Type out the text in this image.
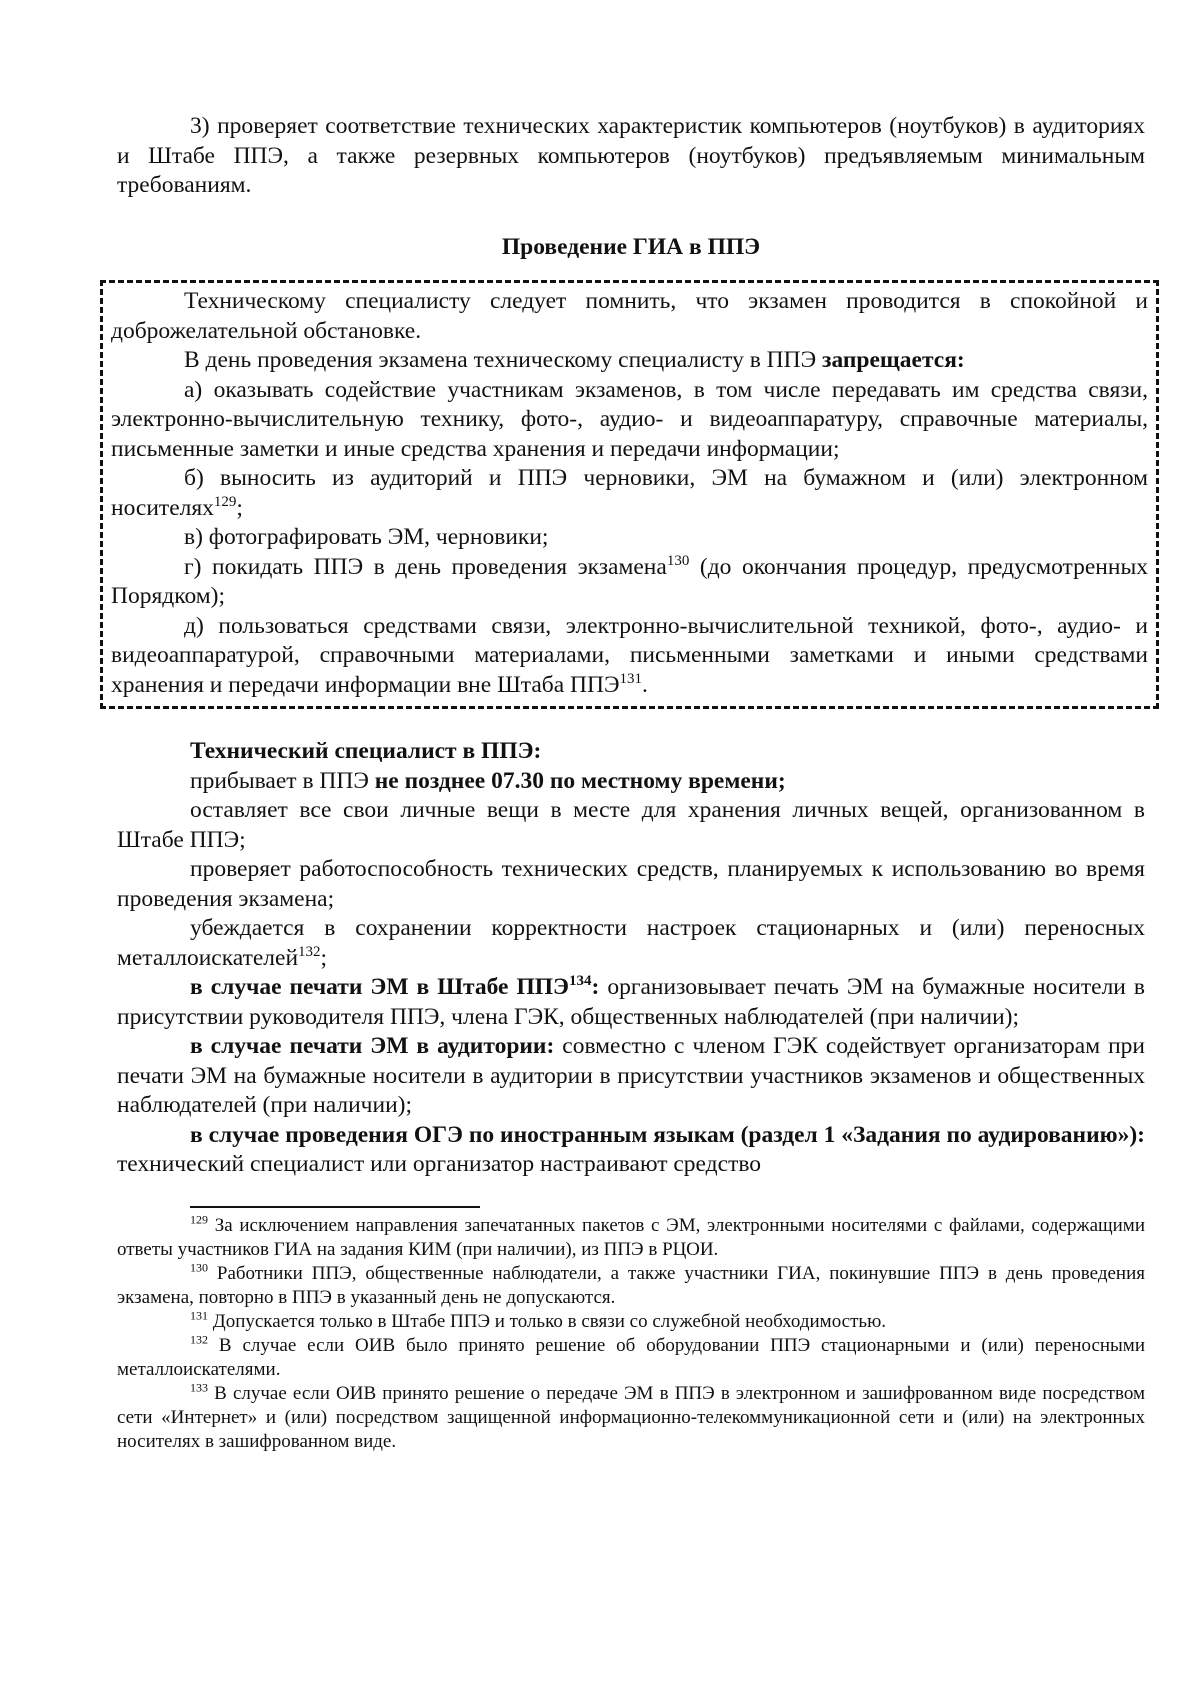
3) проверяет соответствие технических характеристик компьютеров (ноутбуков) в аудиториях и Штабе ППЭ, а также резервных компьютеров (ноутбуков) предъявляемым минимальным требованиям.

Проведение ГИА в ППЭ

Техническому специалисту следует помнить, что экзамен проводится в спокойной и доброжелательной обстановке.

В день проведения экзамена техническому специалисту в ППЭ запрещается:

а) оказывать содействие участникам экзаменов, в том числе передавать им средства связи, электронно-вычислительную технику, фото-, аудио- и видеоаппаратуру, справочные материалы, письменные заметки и иные средства хранения и передачи информации;

б) выносить из аудиторий и ППЭ черновики, ЭМ на бумажном и (или) электронном носителях$^{129}$;

в) фотографировать ЭМ, черновики;

г) покидать ППЭ в день проведения экзамена$^{130}$ (до окончания процедур, предусмотренных Порядком);

д) пользоваться средствами связи, электронно-вычислительной техникой, фото-, аудио- и видеоаппаратурой, справочными материалами, письменными заметками и иными средствами хранения и передачи информации вне Штаба ППЭ$^{131}$.

Технический специалист в ППЭ:

прибывает в ППЭ не позднее 07.30 по местному времени;

оставляет все свои личные вещи в месте для хранения личных вещей, организованном в Штабе ППЭ;

проверяет работоспособность технических средств, планируемых к использованию во время проведения экзамена;

убеждается в сохранении корректности настроек стационарных и (или) переносных металлоискателей$^{132}$;

в случае печати ЭМ в Штабе ППЭ$^{134}$: организовывает печать ЭМ на бумажные носители в присутствии руководителя ППЭ, члена ГЭК, общественных наблюдателей (при наличии);

в случае печати ЭМ в аудитории: совместно с членом ГЭК содействует организаторам при печати ЭМ на бумажные носители в аудитории в присутствии участников экзаменов и общественных наблюдателей (при наличии);

в случае проведения ОГЭ по иностранным языкам (раздел 1 «Задания по аудированию»): технический специалист или организатор настраивают средство

$^{129}$ За исключением направления запечатанных пакетов с ЭМ, электронными носителями с файлами, содержащими ответы участников ГИА на задания КИМ (при наличии), из ППЭ в РЦОИ.

$^{130}$ Работники ППЭ, общественные наблюдатели, а также участники ГИА, покинувшие ППЭ в день проведения экзамена, повторно в ППЭ в указанный день не допускаются.

$^{131}$ Допускается только в Штабе ППЭ и только в связи со служебной необходимостью.

$^{132}$ В случае если ОИВ было принято решение об оборудовании ППЭ стационарными и (или) переносными металлоискателями.

$^{133}$ В случае если ОИВ принято решение о передаче ЭМ в ППЭ в электронном и зашифрованном виде посредством сети «Интернет» и (или) посредством защищенной информационно-телекоммуникационной сети и (или) на электронных носителях в зашифрованном виде.
